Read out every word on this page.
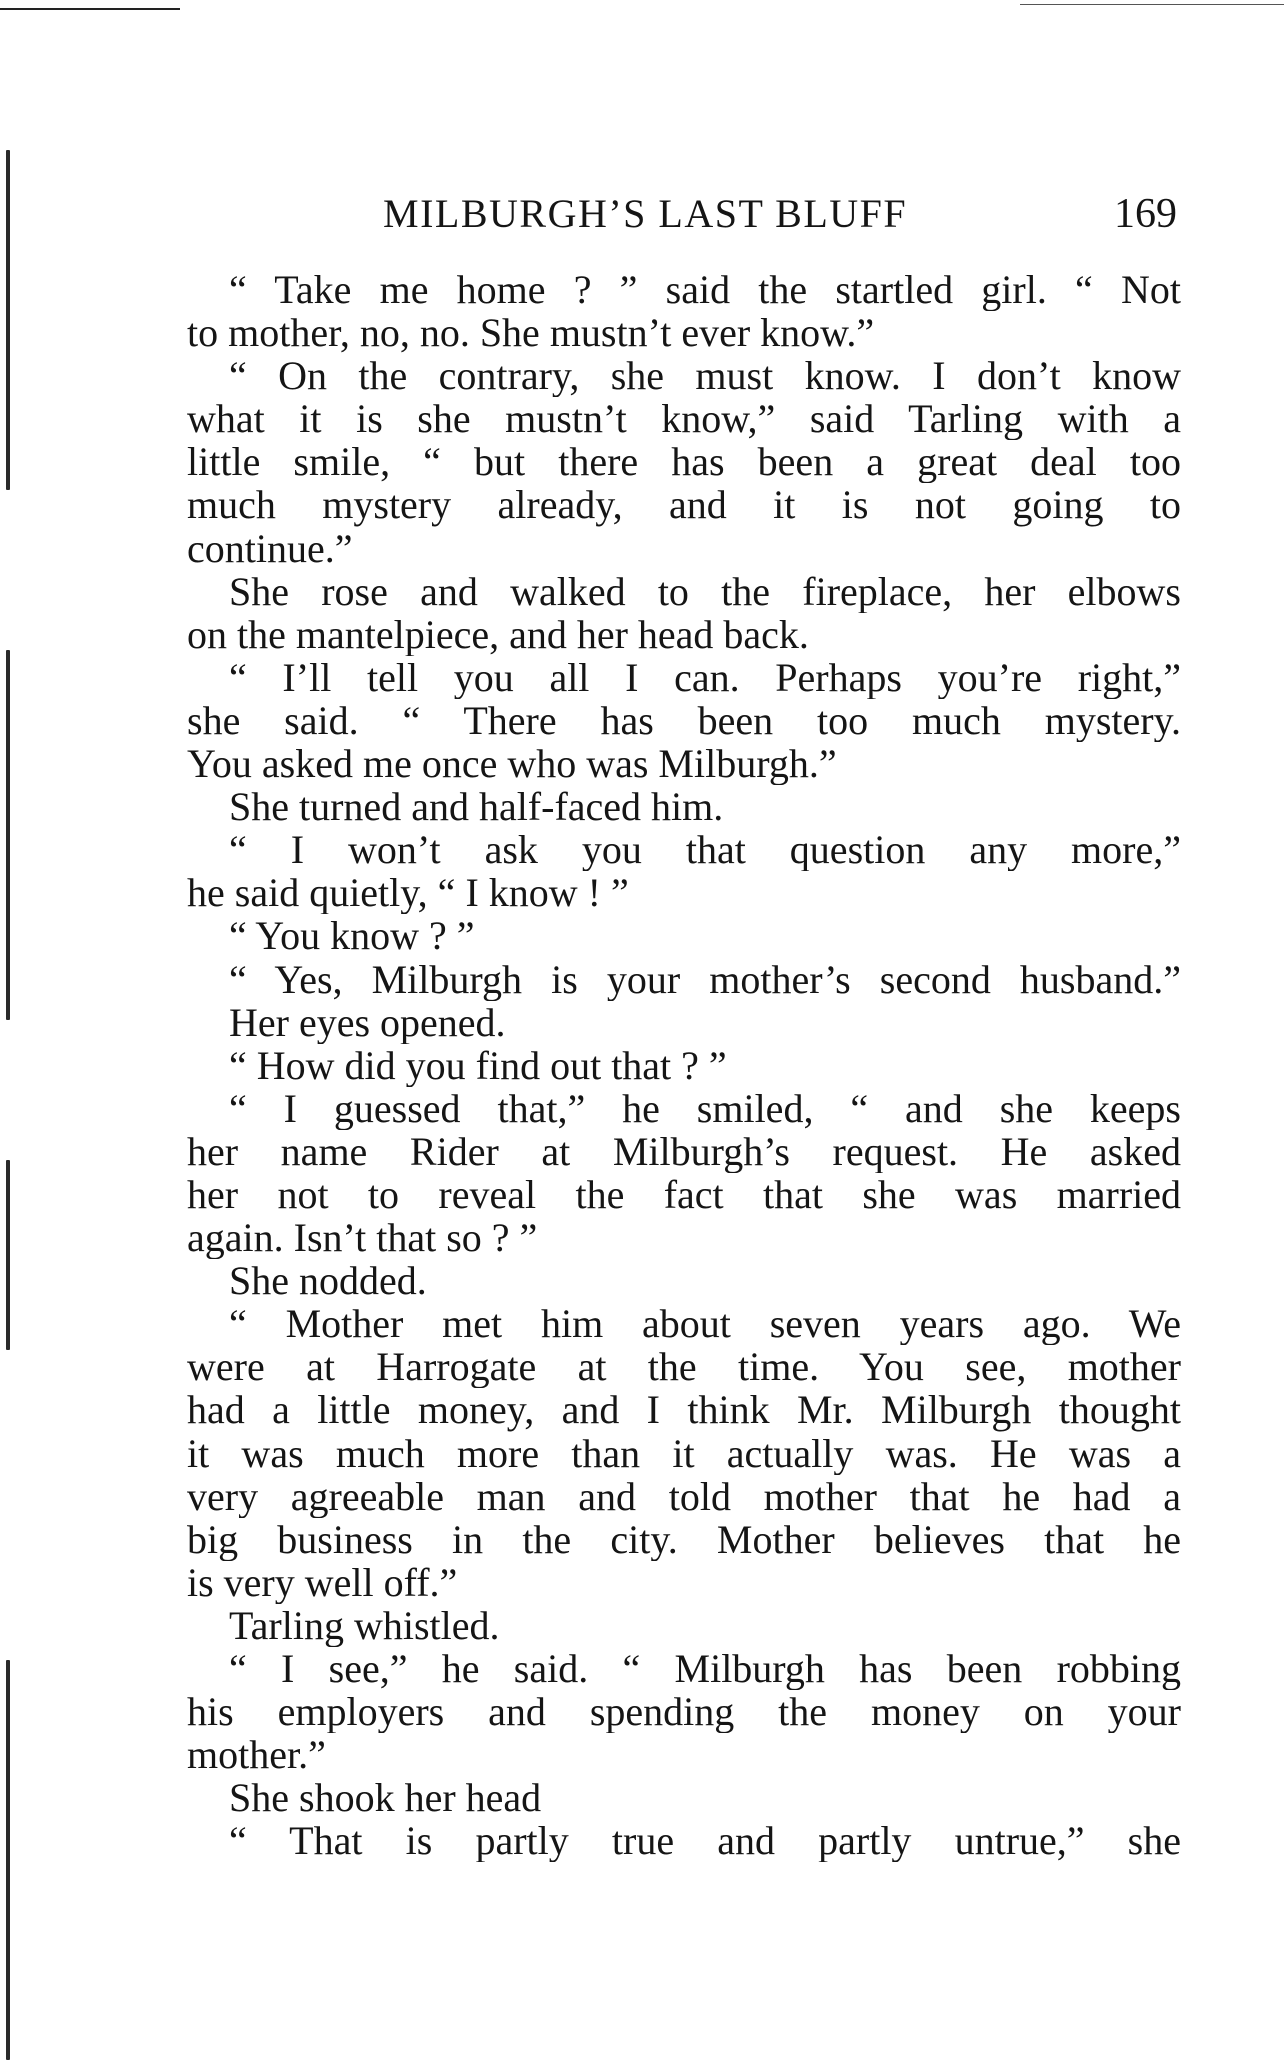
MILBURGH’S LAST BLUFF	169
“ Take me home ? ” said the startled girl. “ Not
to mother, no, no. She mustn’t ever know.”
“ On the contrary, she must know. I don’t know
what it is she mustn’t know,” said Tarling with a
little smile, “ but there has been a great deal too
much mystery already, and it is not going to
continue.”
She rose and walked to the fireplace, her elbows
on the mantelpiece, and her head back.
“ I’ll tell you all I can. Perhaps you’re right,”
she said. “ There has been too much mystery.
You asked me once who was Milburgh.”
She turned and half-faced him.
“ I won’t ask you that question any more,”
he said quietly, “ I know ! ”
“ You know ? ”
“ Yes, Milburgh is your mother’s second husband.”
Her eyes opened.
“ How did you find out that ? ”
“ I guessed that,” he smiled, “ and she keeps
her name Rider at Milburgh’s request. He asked
her not to reveal the fact that she was married
again. Isn’t that so ? ”
She nodded.
“ Mother met him about seven years ago. We
were at Harrogate at the time. You see, mother
had a little money, and I think Mr. Milburgh thought
it was much more than it actually was. He was a
very agreeable man and told mother that he had a
big business in the city. Mother believes that he
is very well off.”
Tarling whistled.
“ I see,” he said. “ Milburgh has been robbing
his employers and spending the money on your
mother.”
She shook her head
“ That is partly true and partly untrue,” she
